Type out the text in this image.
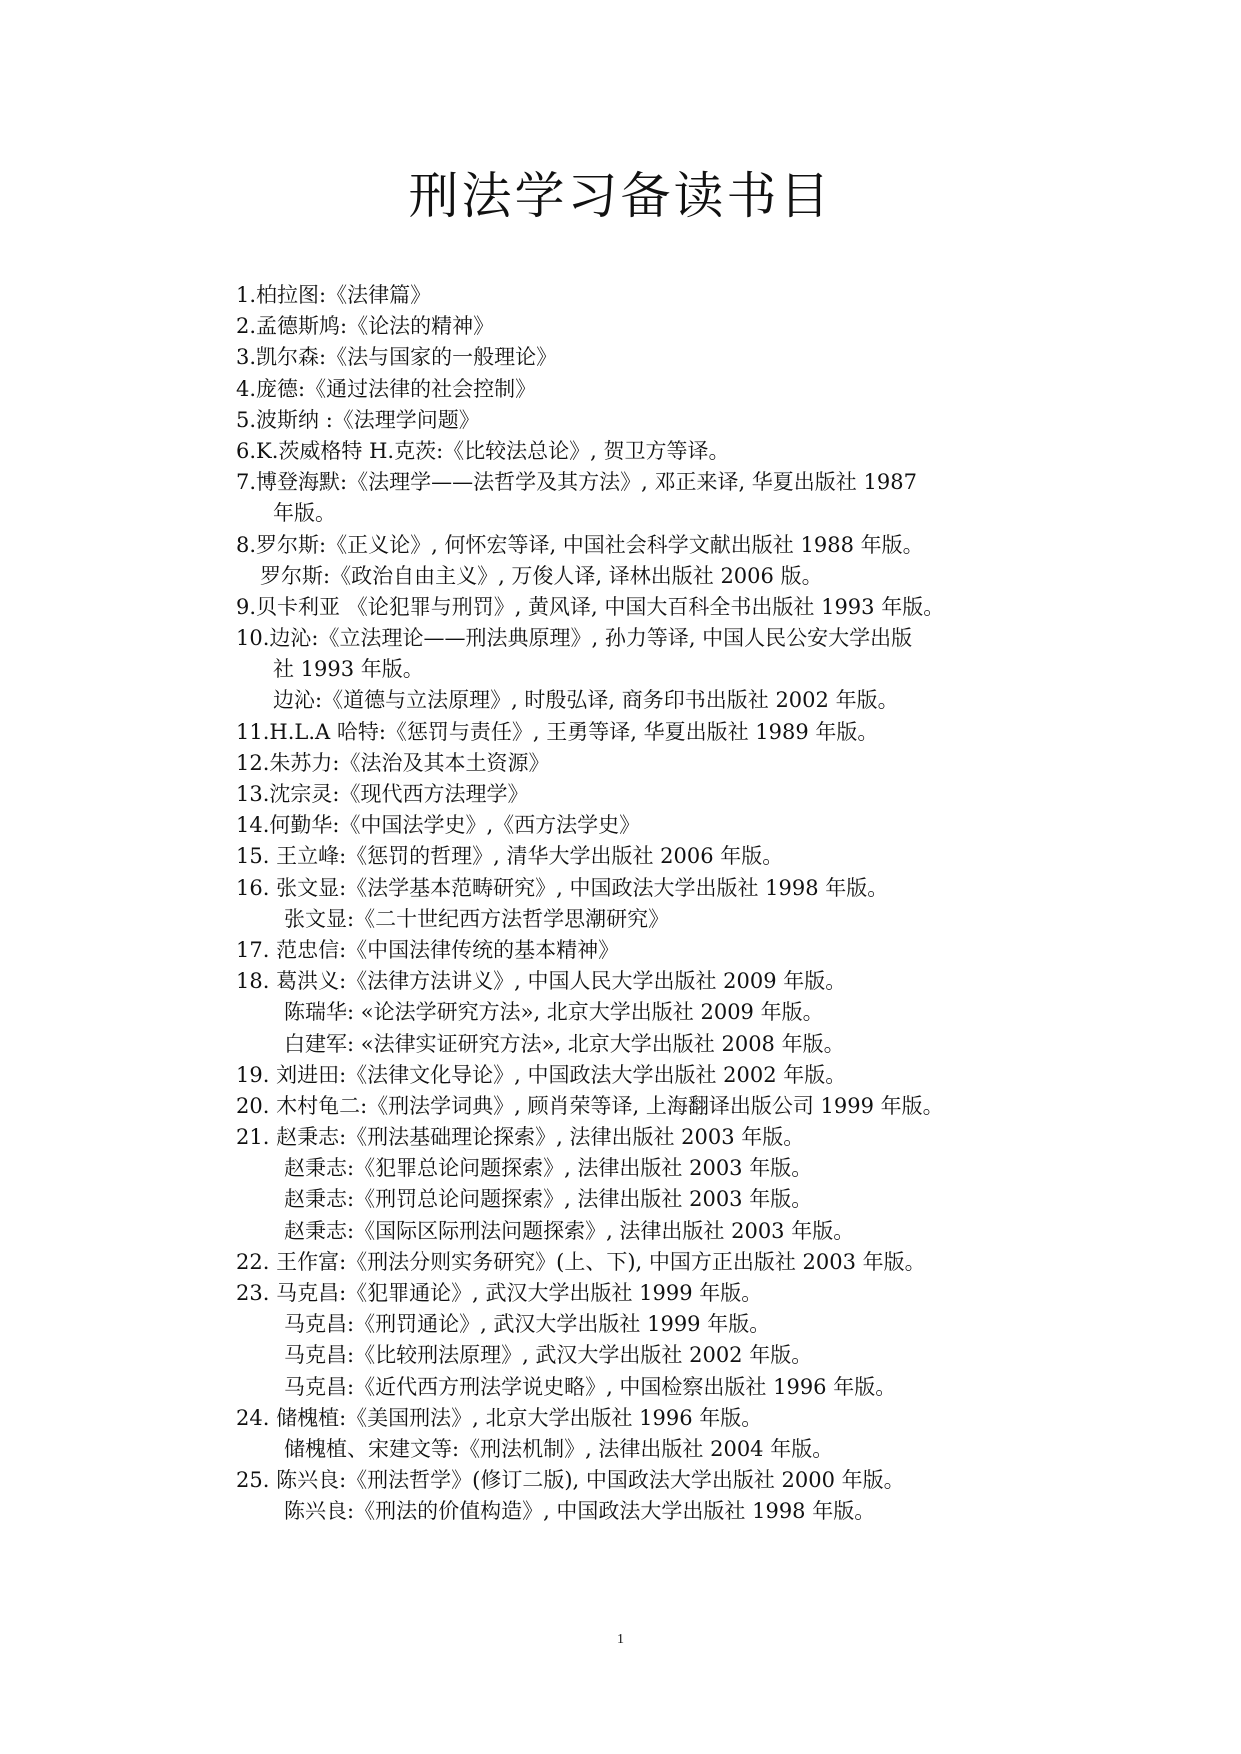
刑法学习备读书目
1.柏拉图:《法律篇》
2.孟德斯鸠:《论法的精神》
3.凯尔森:《法与国家的一般理论》
4.庞德:《通过法律的社会控制》
5.波斯纳 :《法理学问题》
6.K.茨威格特 H.克茨:《比较法总论》, 贺卫方等译。
7.博登海默:《法理学——法哲学及其方法》, 邓正来译, 华夏出版社 1987
年版。
8.罗尔斯:《正义论》, 何怀宏等译, 中国社会科学文献出版社 1988 年版。
罗尔斯:《政治自由主义》, 万俊人译, 译林出版社 2006 版。
9.贝卡利亚 《论犯罪与刑罚》, 黄风译, 中国大百科全书出版社 1993 年版。
10.边沁:《立法理论——刑法典原理》, 孙力等译, 中国人民公安大学出版
社 1993 年版。
边沁:《道德与立法原理》, 时殷弘译, 商务印书出版社 2002 年版。
11.H.L.A 哈特:《惩罚与责任》, 王勇等译, 华夏出版社 1989 年版。
12.朱苏力:《法治及其本土资源》
13.沈宗灵:《现代西方法理学》
14.何勤华:《中国法学史》,《西方法学史》
15. 王立峰:《惩罚的哲理》, 清华大学出版社 2006 年版。
16. 张文显:《法学基本范畴研究》, 中国政法大学出版社 1998 年版。
张文显:《二十世纪西方法哲学思潮研究》
17. 范忠信:《中国法律传统的基本精神》
18. 葛洪义:《法律方法讲义》, 中国人民大学出版社 2009 年版。
陈瑞华: «论法学研究方法», 北京大学出版社 2009 年版。
白建军: «法律实证研究方法», 北京大学出版社 2008 年版。
19. 刘进田:《法律文化导论》, 中国政法大学出版社 2002 年版。
20. 木村龟二:《刑法学词典》, 顾肖荣等译, 上海翻译出版公司 1999 年版。
21. 赵秉志:《刑法基础理论探索》, 法律出版社 2003 年版。
赵秉志:《犯罪总论问题探索》, 法律出版社 2003 年版。
赵秉志:《刑罚总论问题探索》, 法律出版社 2003 年版。
赵秉志:《国际区际刑法问题探索》, 法律出版社 2003 年版。
22. 王作富:《刑法分则实务研究》(上、下), 中国方正出版社 2003 年版。
23. 马克昌:《犯罪通论》, 武汉大学出版社 1999 年版。
马克昌:《刑罚通论》, 武汉大学出版社 1999 年版。
马克昌:《比较刑法原理》, 武汉大学出版社 2002 年版。
马克昌:《近代西方刑法学说史略》, 中国检察出版社 1996 年版。
24. 储槐植:《美国刑法》, 北京大学出版社 1996 年版。
储槐植、宋建文等:《刑法机制》, 法律出版社 2004 年版。
25. 陈兴良:《刑法哲学》(修订二版), 中国政法大学出版社 2000 年版。
陈兴良:《刑法的价值构造》, 中国政法大学出版社 1998 年版。
1
